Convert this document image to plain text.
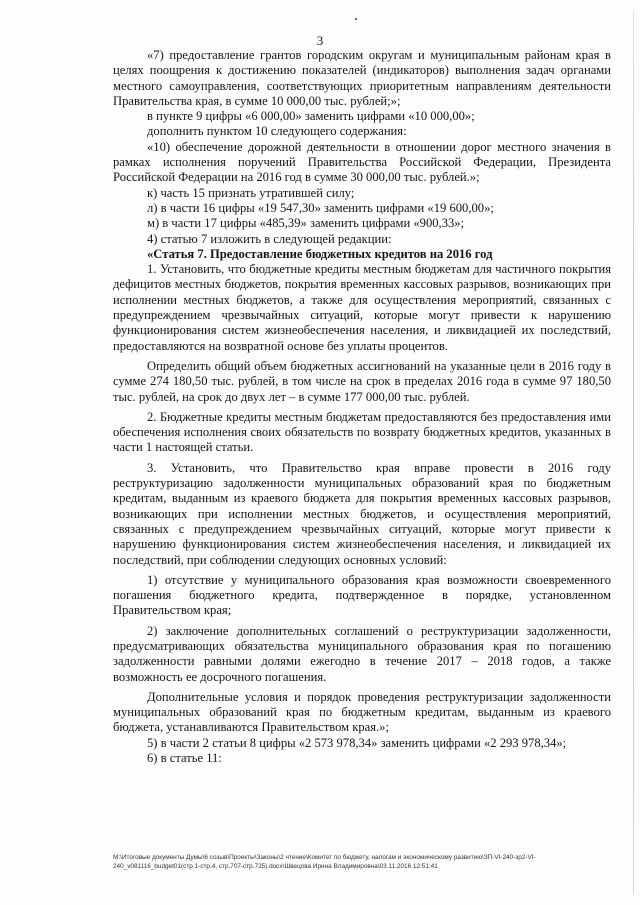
3

«7) предоставление грантов городским округам и муниципальным районам края в целях поощрения к достижению показателей (индикаторов) выполнения задач органами местного самоуправления, соответствующих приоритетным направлениям деятельности Правительства края, в сумме 10 000,00 тыс. рублей;»;

в пункте 9 цифры «6 000,00» заменить цифрами «10 000,00»;

дополнить пунктом 10 следующего содержания:

«10) обеспечение дорожной деятельности в отношении дорог местного значения в рамках исполнения поручений Правительства Российской Федерации, Президента Российской Федерации на 2016 год в сумме 30 000,00 тыс. рублей.»;

к) часть 15 признать утратившей силу;

л) в части 16 цифры «19 547,30» заменить цифрами «19 600,00»;

м) в части 17 цифры «485,39» заменить цифрами «900,33»;

4) статью 7 изложить в следующей редакции:

«Статья 7. Предоставление бюджетных кредитов на 2016 год

1. Установить, что бюджетные кредиты местным бюджетам для частичного покрытия дефицитов местных бюджетов, покрытия временных кассовых разрывов, возникающих при исполнении местных бюджетов, а также для осуществления мероприятий, связанных с предупреждением чрезвычайных ситуаций, которые могут привести к нарушению функционирования систем жизнеобеспечения населения, и ликвидацией их последствий, предоставляются на возвратной основе без уплаты процентов.

Определить общий объем бюджетных ассигнований на указанные цели в 2016 году в сумме 274 180,50 тыс. рублей, в том числе на срок в пределах 2016 года в сумме 97 180,50 тыс. рублей, на срок до двух лет – в сумме 177 000,00 тыс. рублей.

2. Бюджетные кредиты местным бюджетам предоставляются без предоставления ими обеспечения исполнения своих обязательств по возврату бюджетных кредитов, указанных в части 1 настоящей статьи.

3. Установить, что Правительство края вправе провести в 2016 году реструктуризацию задолженности муниципальных образований края по бюджетным кредитам, выданным из краевого бюджета для покрытия временных кассовых разрывов, возникающих при исполнении местных бюджетов, и осуществления мероприятий, связанных с предупреждением чрезвычайных ситуаций, которые могут привести к нарушению функционирования систем жизнеобеспечения населения, и ликвидацией их последствий, при соблюдении следующих основных условий:

1) отсутствие у муниципального образования края возможности своевременного погашения бюджетного кредита, подтвержденное в порядке, установленном Правительством края;

2) заключение дополнительных соглашений о реструктуризации задолженности, предусматривающих обязательства муниципального образования края по погашению задолженности равными долями ежегодно в течение 2017 – 2018 годов, а также возможность ее досрочного погашения.

Дополнительные условия и порядок проведения реструктуризации задолженности муниципальных образований края по бюджетным кредитам, выданным из краевого бюджета, устанавливаются Правительством края.»;

5) в части 2 статьи 8 цифры «2 573 978,34» заменить цифрами «2 293 978,34»;

6) в статье 11:

М:\Итоговые документы Думы\6 созыв\Проекты\Законы\2 чтение\Комитет по бюджету, налогам и экономическому развитию\ЗП-VI-240-зр2-VI-240_v081116_budget01(стр.1-стр.4, стр.707-стр.725).docx\Швецова Ирина Владимировна\03.11.2016 12:51:41
